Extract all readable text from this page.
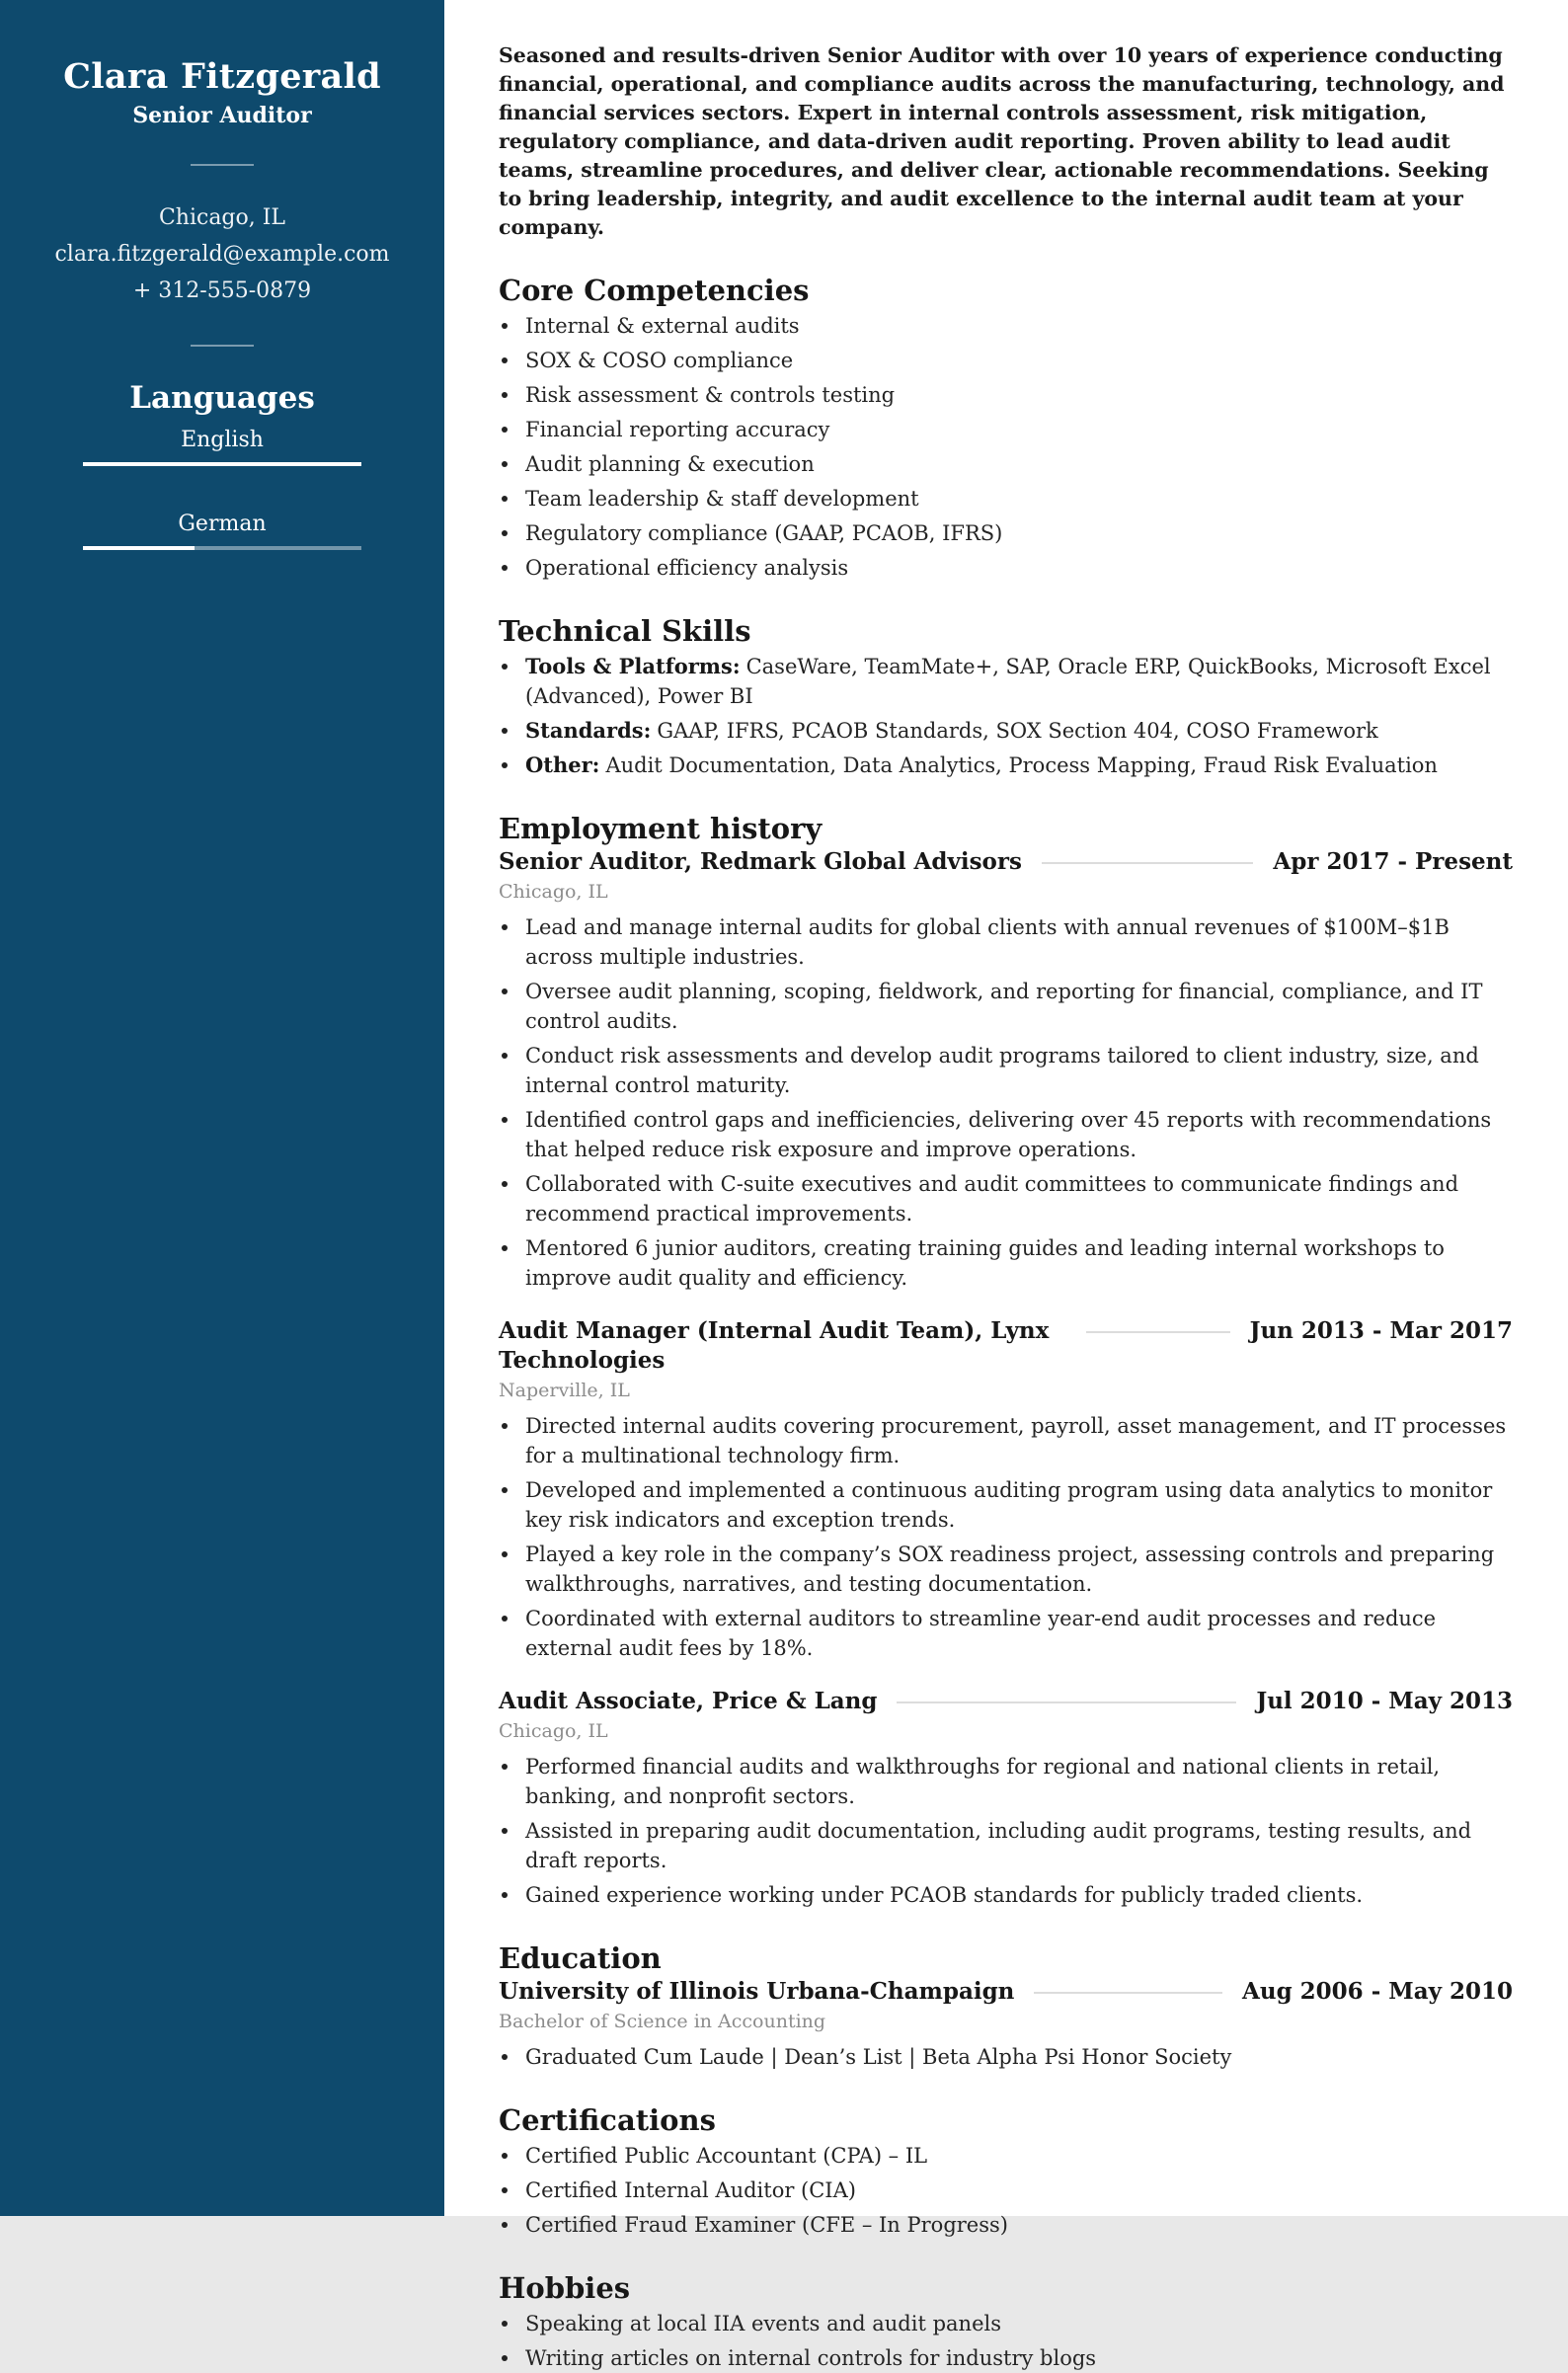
Clara Fitzgerald
Senior Auditor
Chicago, IL
clara.fitzgerald@example.com
+ 312-555-0879
Languages
English
German

Seasoned and results-driven Senior Auditor with over 10 years of experience conducting financial, operational, and compliance audits across the manufacturing, technology, and financial services sectors. Expert in internal controls assessment, risk mitigation, regulatory compliance, and data-driven audit reporting. Proven ability to lead audit teams, streamline procedures, and deliver clear, actionable recommendations. Seeking to bring leadership, integrity, and audit excellence to the internal audit team at your company.

Core Competencies
Internal & external audits
SOX & COSO compliance
Risk assessment & controls testing
Financial reporting accuracy
Audit planning & execution
Team leadership & staff development
Regulatory compliance (GAAP, PCAOB, IFRS)
Operational efficiency analysis
Technical Skills
Tools & Platforms: CaseWare, TeamMate+, SAP, Oracle ERP, QuickBooks, Microsoft Excel (Advanced), Power BI
Standards: GAAP, IFRS, PCAOB Standards, SOX Section 404, COSO Framework
Other: Audit Documentation, Data Analytics, Process Mapping, Fraud Risk Evaluation
Employment history
Senior Auditor, Redmark Global Advisors	Apr 2017 - Present
Chicago, IL
Lead and manage internal audits for global clients with annual revenues of $100M–$1B across multiple industries.
Oversee audit planning, scoping, fieldwork, and reporting for financial, compliance, and IT control audits.
Conduct risk assessments and develop audit programs tailored to client industry, size, and internal control maturity.
Identified control gaps and inefficiencies, delivering over 45 reports with recommendations that helped reduce risk exposure and improve operations.
Collaborated with C-suite executives and audit committees to communicate findings and recommend practical improvements.
Mentored 6 junior auditors, creating training guides and leading internal workshops to improve audit quality and efficiency.
Audit Manager (Internal Audit Team), Lynx Technologies
Jun 2013 - Mar 2017
Naperville, IL
Directed internal audits covering procurement, payroll, asset management, and IT processes for a multinational technology firm.
Developed and implemented a continuous auditing program using data analytics to monitor key risk indicators and exception trends.
Played a key role in the company’s SOX readiness project, assessing controls and preparing walkthroughs, narratives, and testing documentation.
Coordinated with external auditors to streamline year-end audit processes and reduce external audit fees by 18%.
Audit Associate, Price & Lang	Jul 2010 - May 2013
Chicago, IL
Performed financial audits and walkthroughs for regional and national clients in retail, banking, and nonprofit sectors.
Assisted in preparing audit documentation, including audit programs, testing results, and draft reports.
Gained experience working under PCAOB standards for publicly traded clients.
Education
University of Illinois Urbana-Champaign	Aug 2006 - May 2010
Bachelor of Science in Accounting
Graduated Cum Laude | Dean’s List | Beta Alpha Psi Honor Society
Certifications
Certified Public Accountant (CPA) – IL
Certified Internal Auditor (CIA)
Certified Fraud Examiner (CFE – In Progress)
Hobbies
Speaking at local IIA events and audit panels
Writing articles on internal controls for industry blogs
